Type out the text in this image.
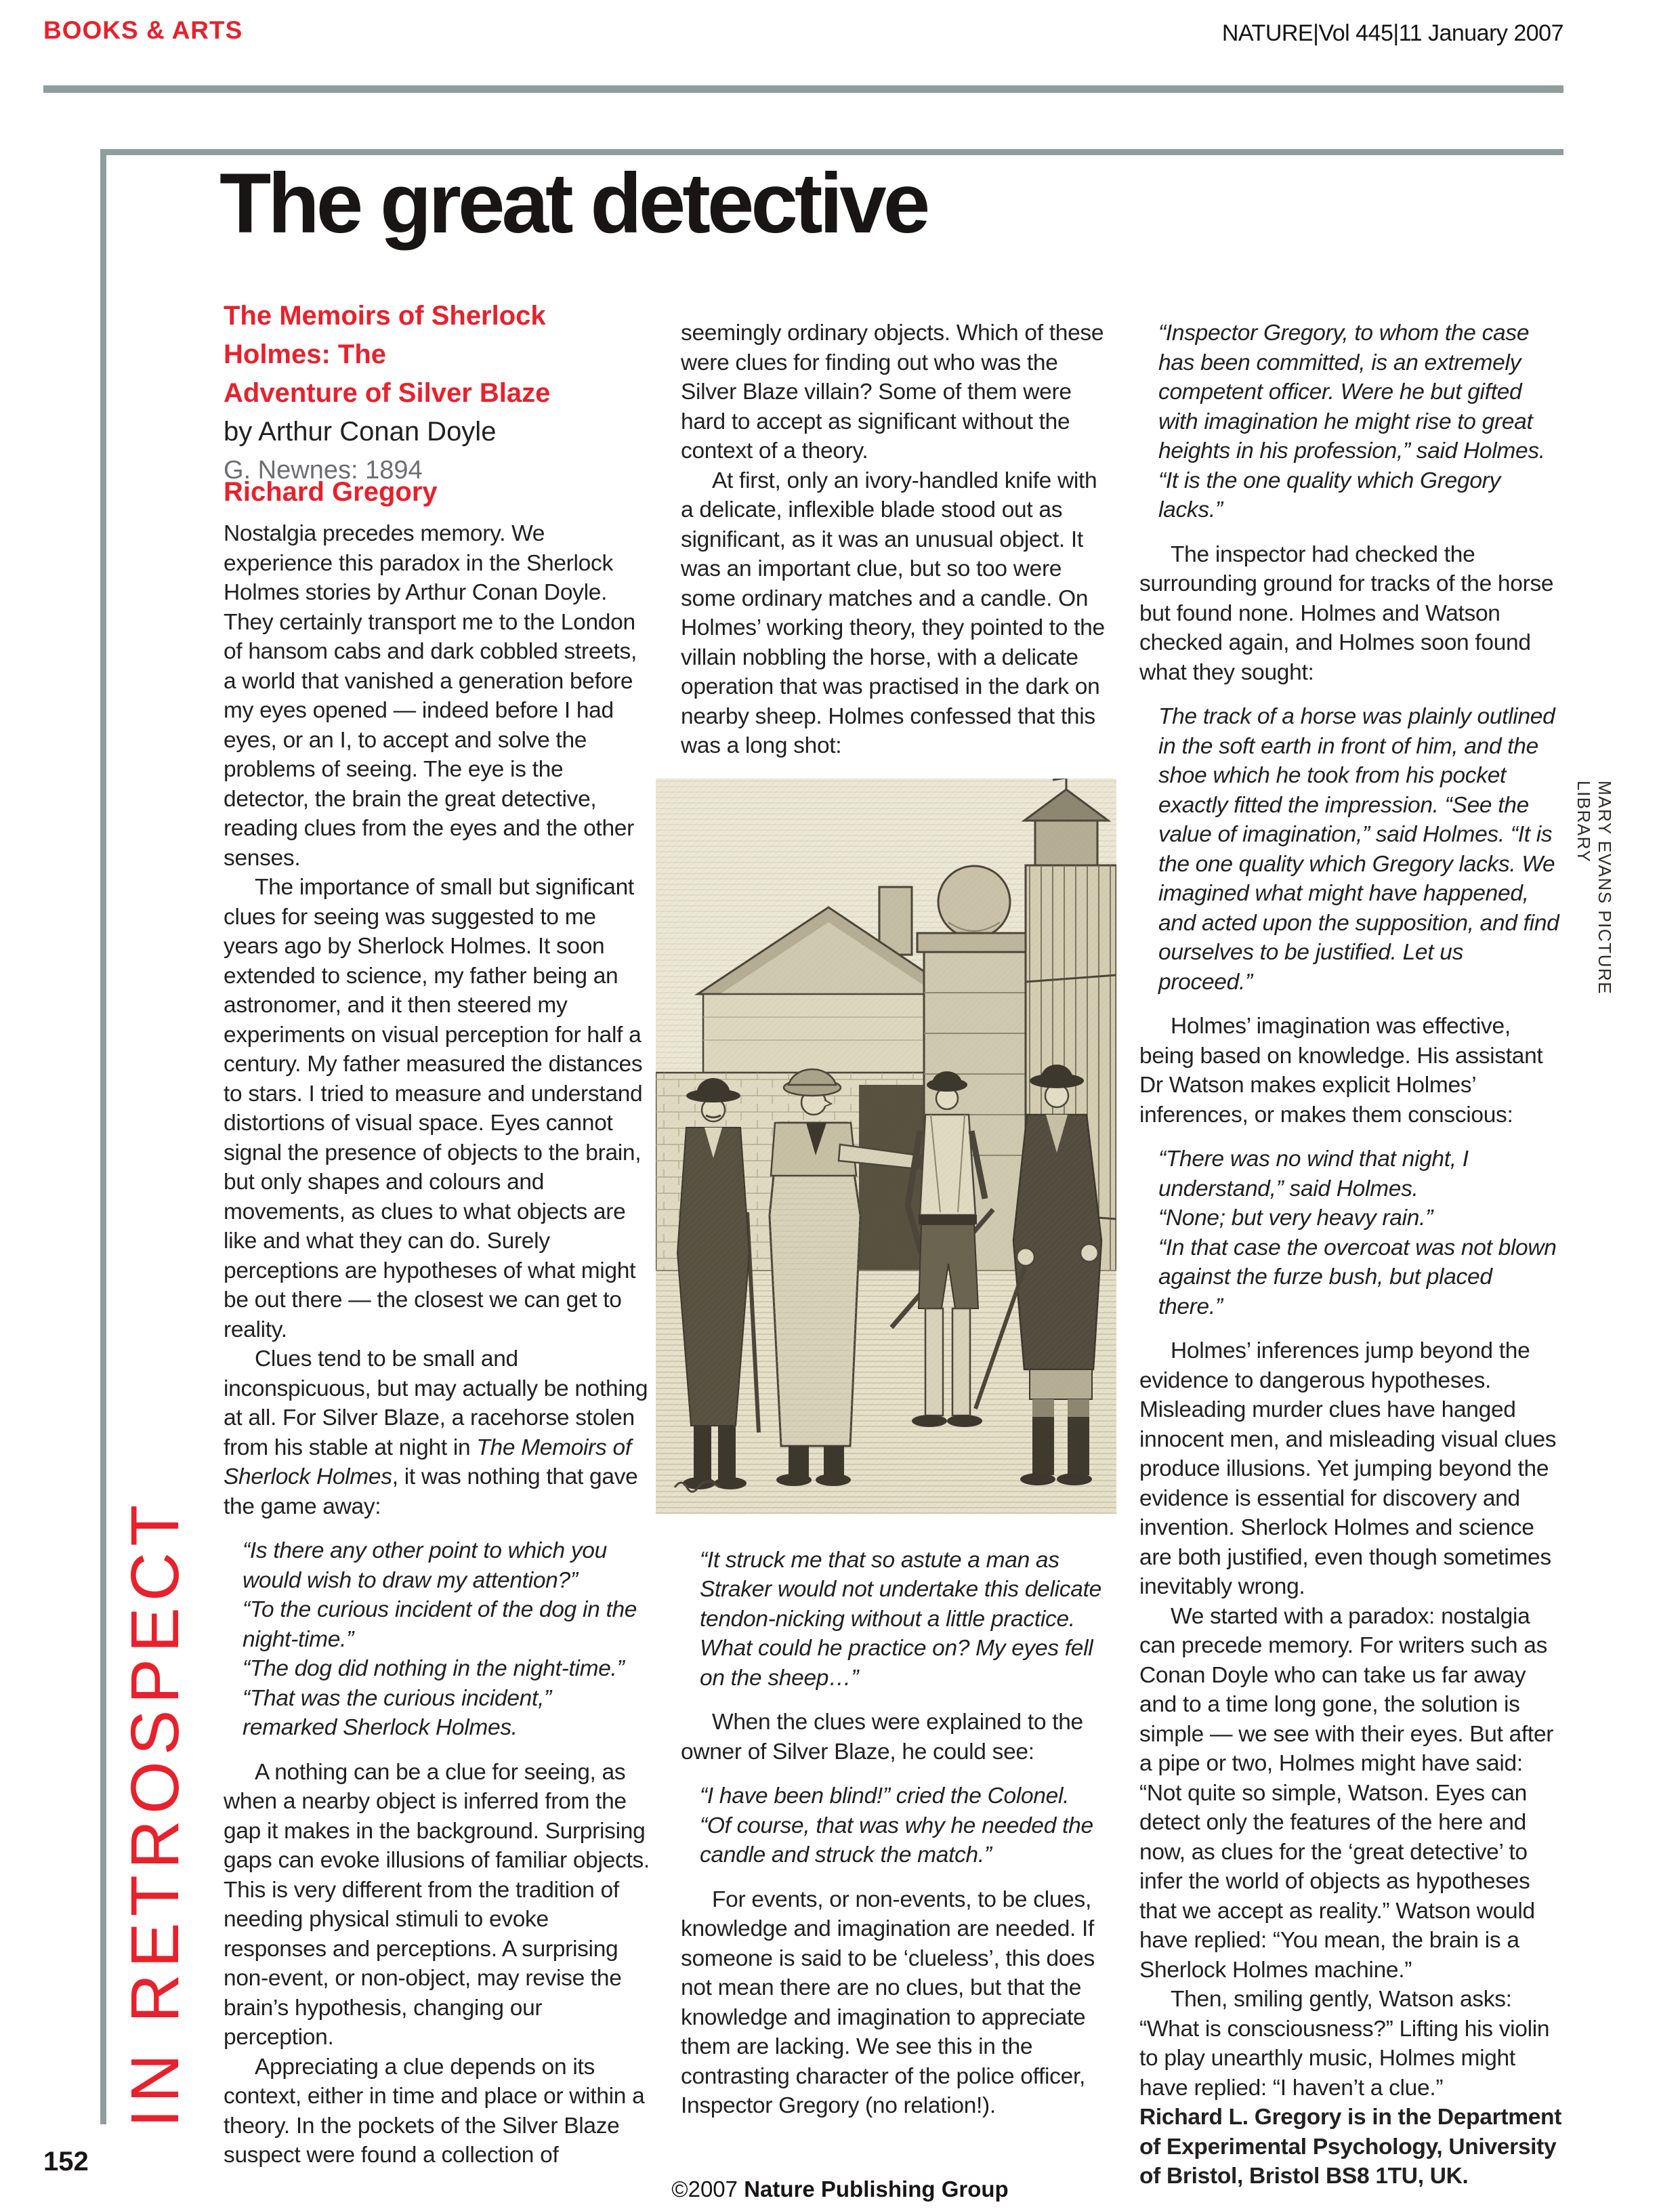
BOOKS & ARTS	NATURE|Vol 445|11 January 2007
The great detective
The Memoirs of Sherlock Holmes: The
Adventure of Silver Blaze
by Arthur Conan Doyle
G. Newnes: 1894
Richard Gregory

Nostalgia precedes memory. We experience this paradox in the Sherlock Holmes stories by Arthur Conan Doyle. They certainly transport me to the London of hansom cabs and dark cobbled streets, a world that vanished a generation before my eyes opened — indeed before I had eyes, or an I, to accept and solve the problems of seeing. The eye is the detector, the brain the great detective, reading clues from the eyes and the other senses.

The importance of small but significant clues for seeing was suggested to me years ago by Sherlock Holmes. It soon extended to science, my father being an astronomer, and it then steered my experiments on visual perception for half a century. My father measured the distances to stars. I tried to measure and understand distortions of visual space. Eyes cannot signal the presence of objects to the brain, but only shapes and colours and movements, as clues to what objects are like and what they can do. Surely perceptions are hypotheses of what might be out there — the closest we can get to reality.

Clues tend to be small and inconspicuous, but may actually be nothing at all. For Silver Blaze, a racehorse stolen from his stable at night in The Memoirs of Sherlock Holmes, it was nothing that gave the game away:

“Is there any other point to which you would wish to draw my attention?”

“To the curious incident of the dog in the night-time.”

“The dog did nothing in the night-time.”

“That was the curious incident,” remarked Sherlock Holmes.

A nothing can be a clue for seeing, as when a nearby object is inferred from the gap it makes in the background. Surprising gaps can evoke illusions of familiar objects. This is very different from the tradition of needing physical stimuli to evoke responses and perceptions. A surprising non-event, or non-object, may revise the brain’s hypothesis, changing our perception.

Appreciating a clue depends on its context, either in time and place or within a theory. In the pockets of the Silver Blaze suspect were found a collection of

seemingly ordinary objects. Which of these were clues for finding out who was the Silver Blaze villain? Some of them were hard to accept as significant without the context of a theory.

At first, only an ivory-handled knife with a delicate, inflexible blade stood out as significant, as it was an unusual object. It was an important clue, but so too were some ordinary matches and a candle. On Holmes’ working theory, they pointed to the villain nobbling the horse, with a delicate operation that was practised in the dark on nearby sheep. Holmes confessed that this was a long shot:

“It struck me that so astute a man as Straker would not undertake this delicate tendon-nicking without a little practice. What could he practice on? My eyes fell on the sheep…”

When the clues were explained to the owner of Silver Blaze, he could see:

“I have been blind!” cried the Colonel. “Of course, that was why he needed the candle and struck the match.”

For events, or non-events, to be clues, knowledge and imagination are needed. If someone is said to be ‘clueless’, this does not mean there are no clues, but that the knowledge and imagination to appreciate them are lacking. We see this in the contrasting character of the police officer, Inspector Gregory (no relation!).

“Inspector Gregory, to whom the case has been committed, is an extremely competent officer. Were he but gifted with imagination he might rise to great heights in his profession,” said Holmes. “It is the one quality which Gregory lacks.”

The inspector had checked the surrounding ground for tracks of the horse but found none. Holmes and Watson checked again, and Holmes soon found what they sought:

The track of a horse was plainly outlined in the soft earth in front of him, and the shoe which he took from his pocket exactly fitted the impression. “See the value of imagination,” said Holmes. “It is the one quality which Gregory lacks. We imagined what might have happened, and acted upon the supposition, and find ourselves to be justified. Let us proceed.”

Holmes’ imagination was effective, being based on knowledge. His assistant Dr Watson makes explicit Holmes’ inferences, or makes them conscious:

“There was no wind that night, I understand,” said Holmes.

“None; but very heavy rain.”

“In that case the overcoat was not blown against the furze bush, but placed there.”

Holmes’ inferences jump beyond the evidence to dangerous hypotheses. Misleading murder clues have hanged innocent men, and misleading visual clues produce illusions. Yet jumping beyond the evidence is essential for discovery and invention. Sherlock Holmes and science are both justified, even though sometimes inevitably wrong.

We started with a paradox: nostalgia can precede memory. For writers such as Conan Doyle who can take us far away and to a time long gone, the solution is simple — we see with their eyes. But after a pipe or two, Holmes might have said: “Not quite so simple, Watson. Eyes can detect only the features of the here and now, as clues for the ‘great detective’ to infer the world of objects as hypotheses that we accept as reality.” Watson would have replied: “You mean, the brain is a Sherlock Holmes machine.”

Then, smiling gently, Watson asks: “What is consciousness?” Lifting his violin to play unearthly music, Holmes might have replied: “I haven’t a clue.”

Richard L. Gregory is in the Department of Experimental Psychology, University of Bristol, Bristol BS8 1TU, UK.

IN RETROSPECT
MARY EVANS PICTURE LIBRARY
152
©2007 Nature Publishing Group
